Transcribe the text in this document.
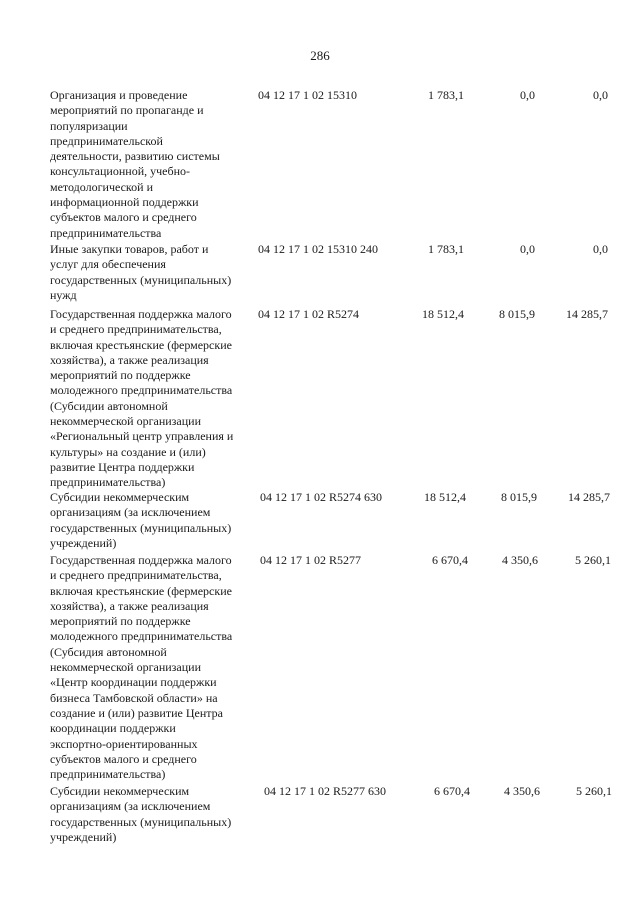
286
Организация и проведение
мероприятий по пропаганде и
популяризации
предпринимательской
деятельности, развитию системы
консультационной, учебно-
методологической и
информационной поддержки
субъектов малого и среднего
предпринимательства
04 12 17 1 02 15310	1 783,1	0,0	0,0
Иные закупки товаров, работ и
услуг для обеспечения
государственных (муниципальных)
нужд
04 12 17 1 02 15310 240	1 783,1	0,0	0,0
Государственная поддержка малого
и среднего предпринимательства,
включая крестьянские (фермерские
хозяйства), а также реализация
мероприятий по поддержке
молодежного предпринимательства
(Субсидии автономной
некоммерческой организации
«Региональный центр управления и
культуры» на создание и (или)
развитие Центра поддержки
предпринимательства)
04 12 17 1 02 R5274	18 512,4	8 015,9	14 285,7
Субсидии некоммерческим
организациям (за исключением
государственных (муниципальных)
учреждений)
04 12 17 1 02 R5274 630	18 512,4	8 015,9	14 285,7
Государственная поддержка малого
и среднего предпринимательства,
включая крестьянские (фермерские
хозяйства), а также реализация
мероприятий по поддержке
молодежного предпринимательства
(Субсидия автономной
некоммерческой организации
«Центр координации поддержки
бизнеса Тамбовской области» на
создание и (или) развитие Центра
координации поддержки
экспортно-ориентированных
субъектов малого и среднего
предпринимательства)
04 12 17 1 02 R5277	6 670,4	4 350,6	5 260,1
Субсидии некоммерческим
организациям (за исключением
государственных (муниципальных)
учреждений)
04 12 17 1 02 R5277 630	6 670,4	4 350,6	5 260,1
